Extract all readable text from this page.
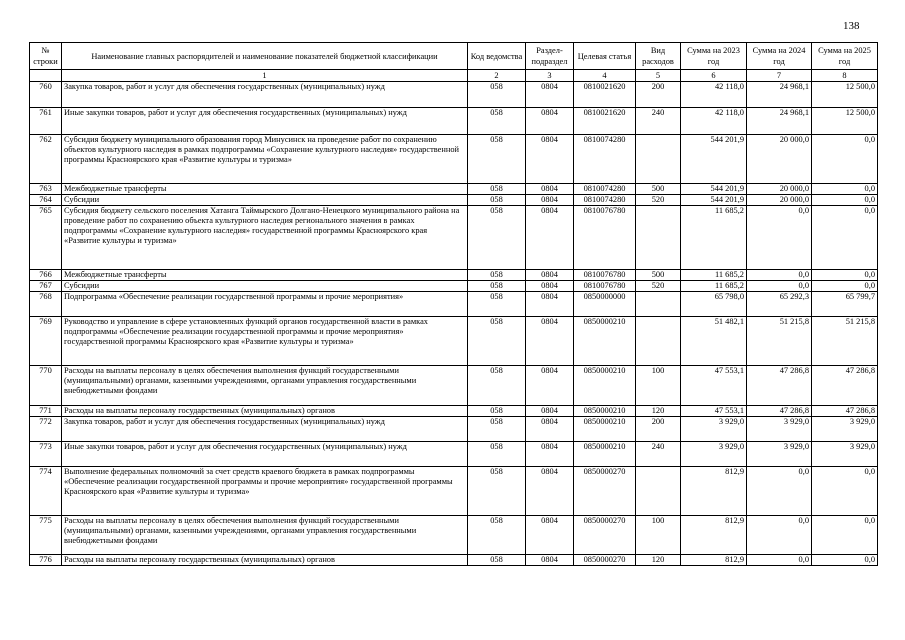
138
№ строки	Наименование главных распорядителей и наименование показателей бюджетной классификации	Код ведомства	Раздел-подраздел	Целевая статья	Вид расходов	Сумма на 2023 год	Сумма на 2024 год	Сумма на 2025 год
	1	2	3	4	5	6	7	8
760	Закупка товаров, работ и услуг для обеспечения государственных (муниципальных) нужд	058	0804	0810021620	200	42 118,0	24 968,1	12 500,0
761	Иные закупки товаров, работ и услуг для обеспечения государственных (муниципальных) нужд	058	0804	0810021620	240	42 118,0	24 968,1	12 500,0
762	Субсидия бюджету муниципального образования город Минусинск на проведение работ по сохранению объектов культурного наследия в рамках подпрограммы «Сохранение культурного наследия» государственной программы Красноярского края «Развитие культуры и туризма»	058	0804	0810074280		544 201,9	20 000,0	0,0
763	Межбюджетные трансферты	058	0804	0810074280	500	544 201,9	20 000,0	0,0
764	Субсидии	058	0804	0810074280	520	544 201,9	20 000,0	0,0
765	Субсидия бюджету сельского поселения Хатанга Таймырского Долгано-Ненецкого муниципального района на проведение работ по сохранению объекта культурного наследия регионального значения в рамках подпрограммы «Сохранение культурного наследия» государственной программы Красноярского края «Развитие культуры и туризма»	058	0804	0810076780		11 685,2	0,0	0,0
766	Межбюджетные трансферты	058	0804	0810076780	500	11 685,2	0,0	0,0
767	Субсидии	058	0804	0810076780	520	11 685,2	0,0	0,0
768	Подпрограмма «Обеспечение реализации государственной программы и прочие мероприятия»	058	0804	0850000000		65 798,0	65 292,3	65 799,7
769	Руководство и управление в сфере установленных функций органов государственной власти в рамках подпрограммы «Обеспечение реализации государственной программы и прочие мероприятия» государственной программы Красноярского края «Развитие культуры и туризма»	058	0804	0850000210		51 482,1	51 215,8	51 215,8
770	Расходы на выплаты персоналу в целях обеспечения выполнения функций государственными (муниципальными) органами, казенными учреждениями, органами управления государственными внебюджетными фондами	058	0804	0850000210	100	47 553,1	47 286,8	47 286,8
771	Расходы на выплаты персоналу государственных (муниципальных) органов	058	0804	0850000210	120	47 553,1	47 286,8	47 286,8
772	Закупка товаров, работ и услуг для обеспечения государственных (муниципальных) нужд	058	0804	0850000210	200	3 929,0	3 929,0	3 929,0
773	Иные закупки товаров, работ и услуг для обеспечения государственных (муниципальных) нужд	058	0804	0850000210	240	3 929,0	3 929,0	3 929,0
774	Выполнение федеральных полномочий за счет средств краевого бюджета в рамках подпрограммы «Обеспечение реализации государственной программы и прочие мероприятия» государственной программы Красноярского края «Развитие культуры и туризма»	058	0804	0850000270		812,9	0,0	0,0
775	Расходы на выплаты персоналу в целях обеспечения выполнения функций государственными (муниципальными) органами, казенными учреждениями, органами управления государственными внебюджетными фондами	058	0804	0850000270	100	812,9	0,0	0,0
776	Расходы на выплаты персоналу государственных (муниципальных) органов	058	0804	0850000270	120	812,9	0,0	0,0
